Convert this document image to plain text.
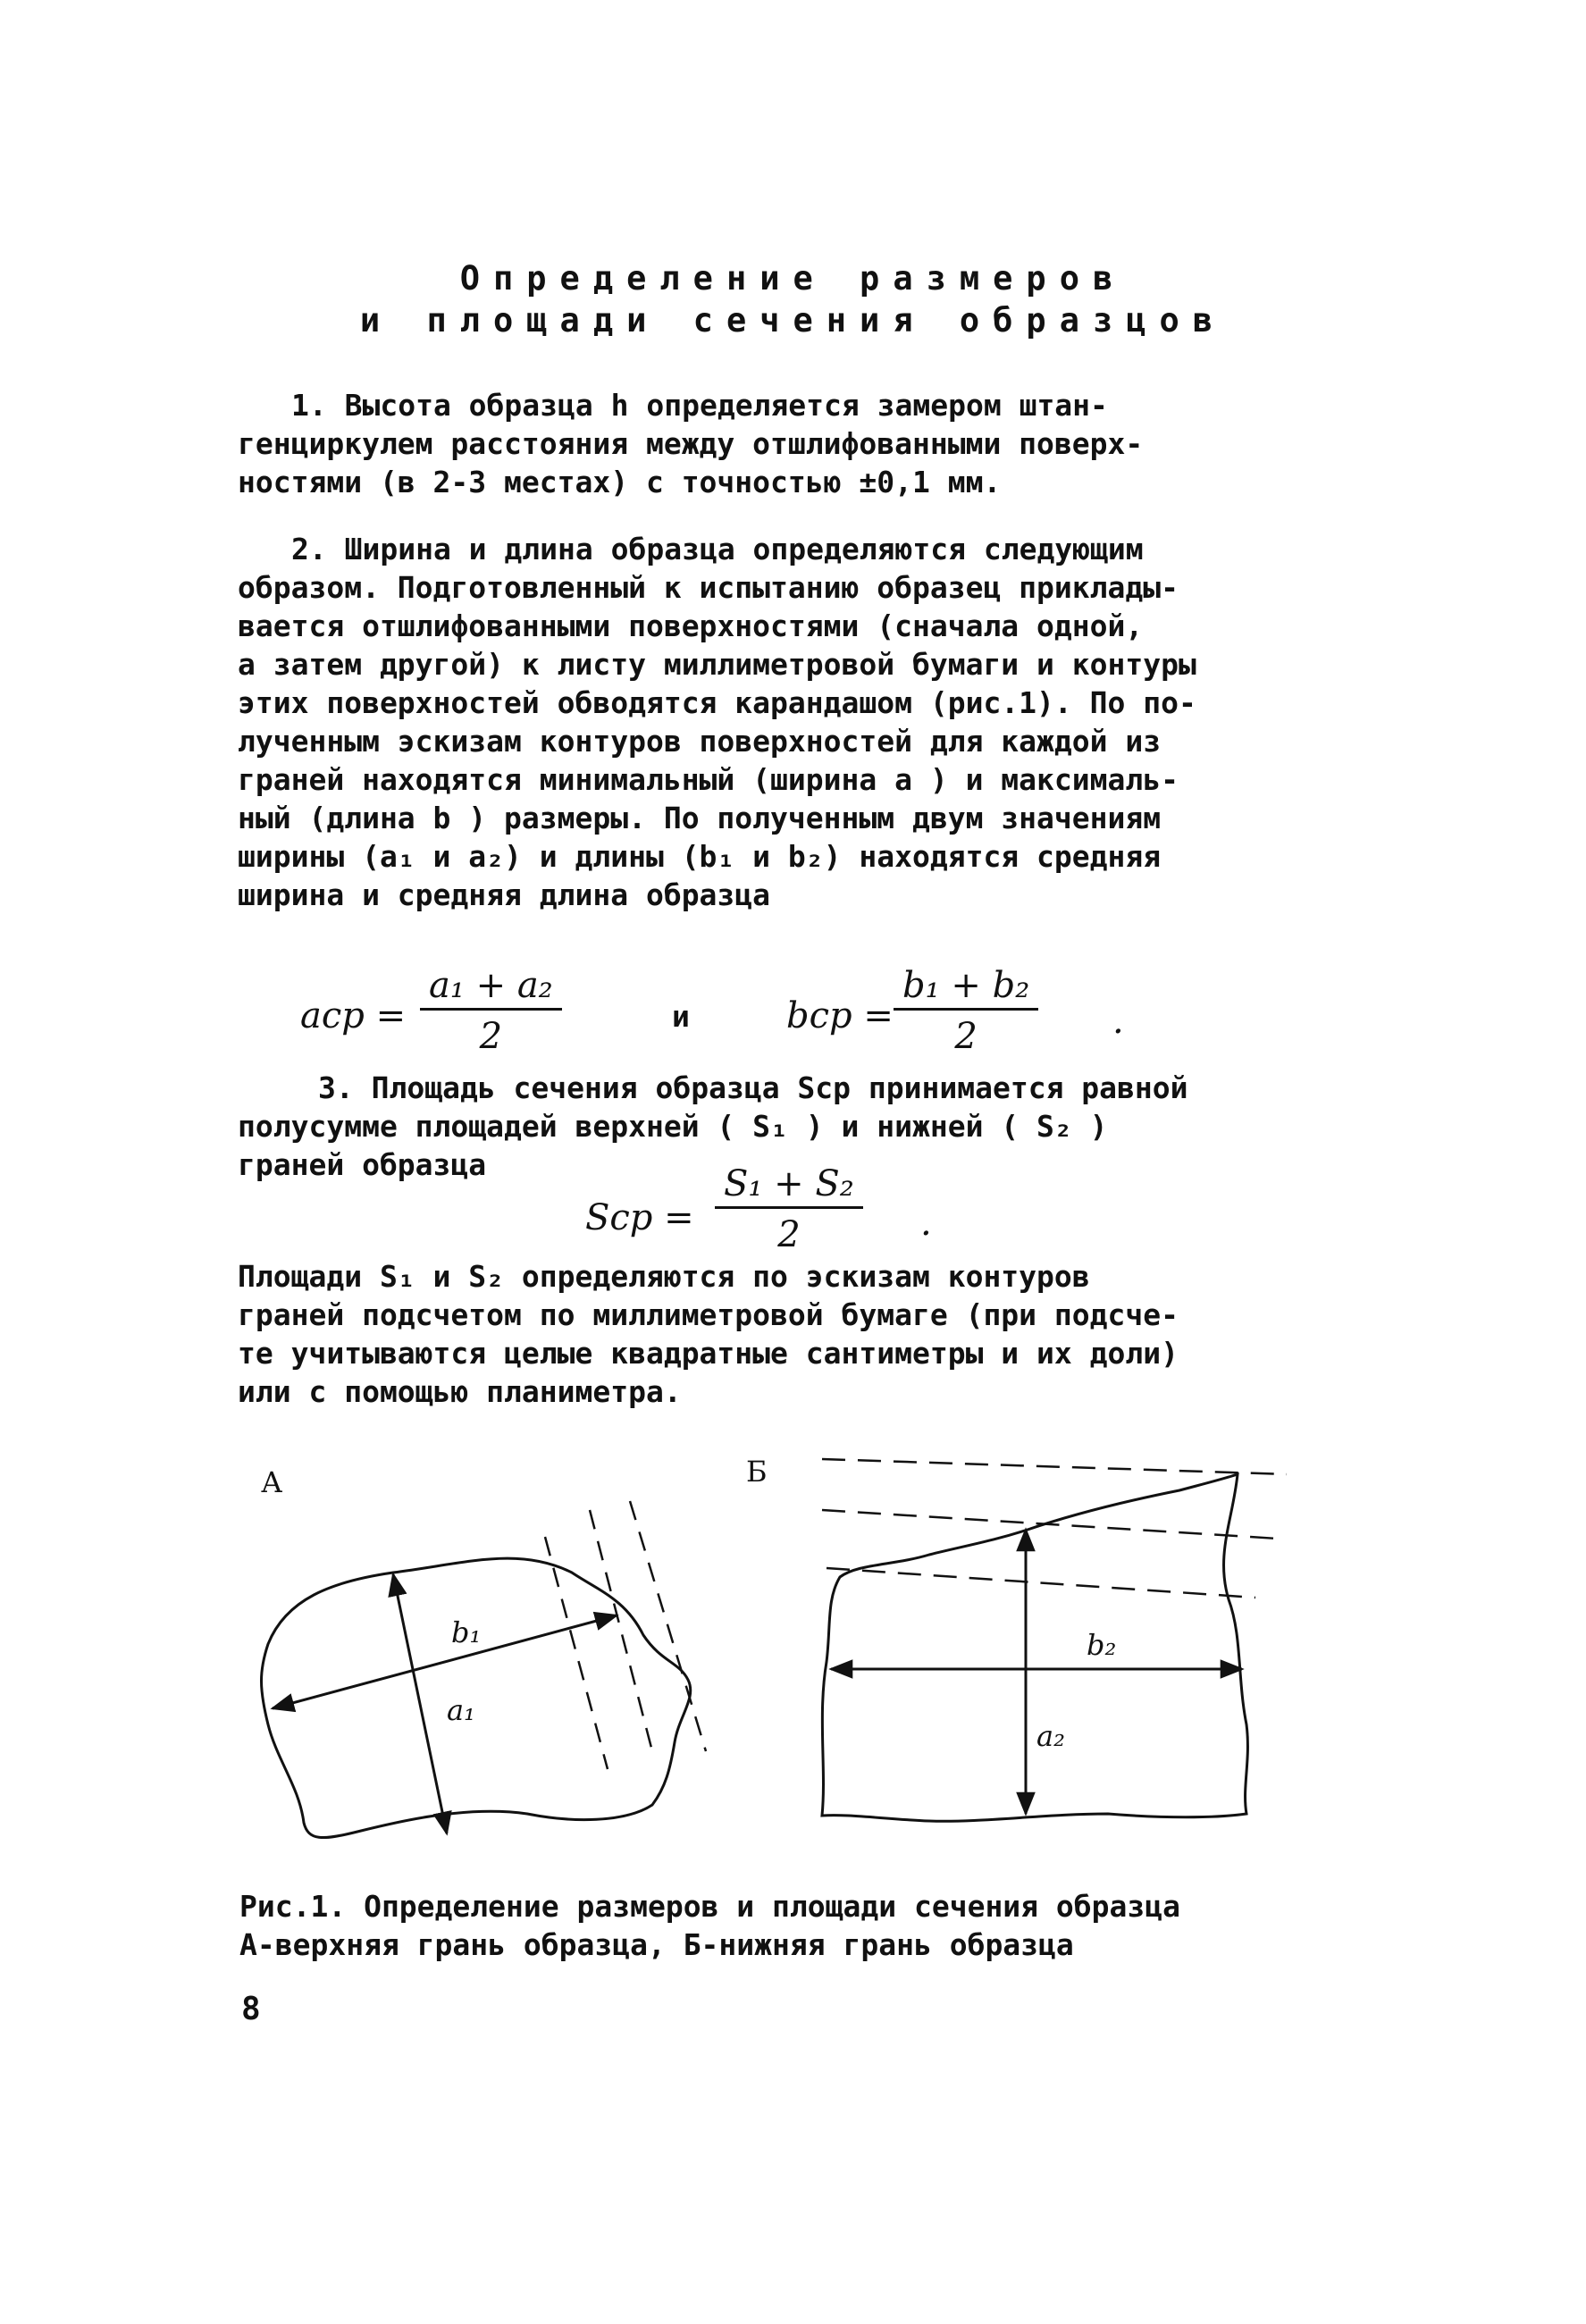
Определение размеров
и площади сечения образцов
1. Высота образца h определяется замером штан-
генциркулем расстояния между отшлифованными поверх-
ностями (в 2-3 местах) с точностью ±0,1 мм.
2. Ширина и длина образца определяются следующим
образом. Подготовленный к испытанию образец приклады-
вается отшлифованными поверхностями (сначала одной,
а затем другой) к листу миллиметровой бумаги и контуры
этих поверхностей обводятся карандашом (рис.1). По по-
лученным эскизам контуров поверхностей для каждой из
граней находятся минимальный (ширина a ) и максималь-
ный (длина b ) размеры. По полученным двум значениям
ширины (a₁ и a₂) и длины (b₁ и b₂) находятся средняя
ширина и средняя длина образца
aср = $\frac{\text{a₁ + a₂}}{2}$	и	bср = $\frac{\text{b₁ + b₂}}{2}$ .
3. Площадь сечения образца Sср принимается равной
полусумме площадей верхней ( S₁ ) и нижней ( S₂ )
граней образца
Sср = $\frac{\text{S₁ + S₂}}{2}$ .
Площади S₁ и S₂ определяются по эскизам контуров
граней подсчетом по миллиметровой бумаге (при подсче-
те учитываются целые квадратные сантиметры и их доли)
или с помощью планиметра.
А	Б
b₁
a₁
b₂
a₂
Рис.1. Определение размеров и площади сечения образца
А-верхняя грань образца, Б-нижняя грань образца
8
